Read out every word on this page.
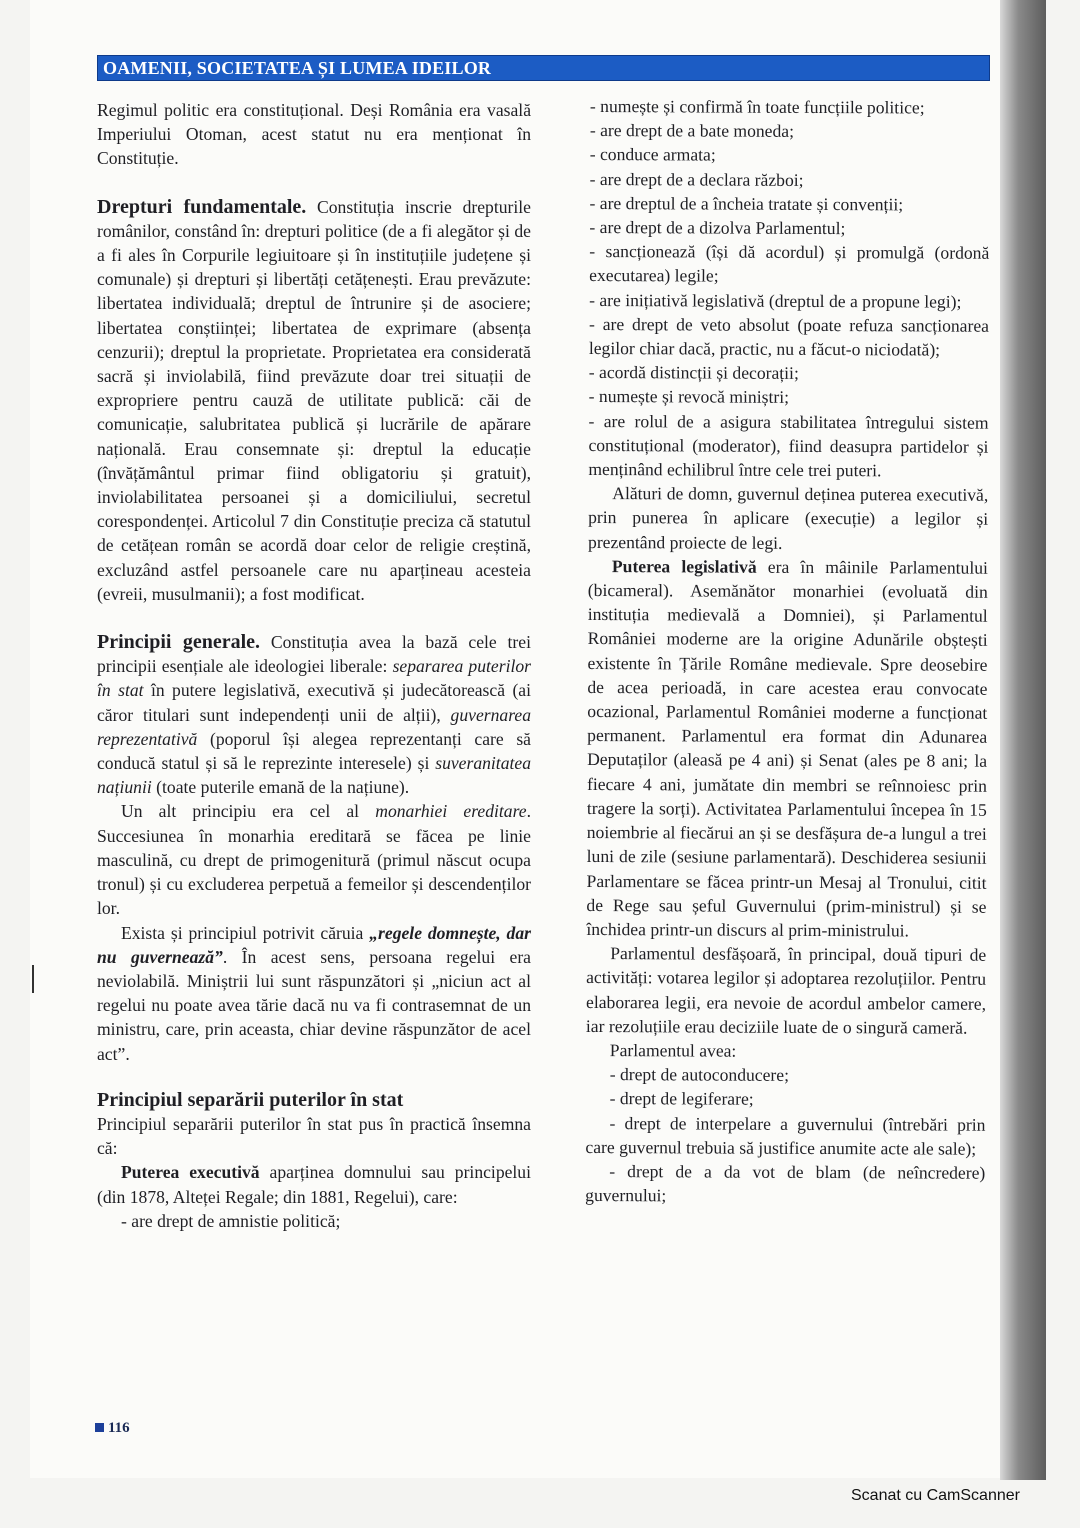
OAMENII, SOCIETATEA ȘI LUMEA IDEILOR

Regimul politic era constituțional. Deși România era vasală Imperiului Otoman, acest statut nu era menționat în Constituție.

Drepturi fundamentale. Constituția inscrie drepturile românilor, constând în: drepturi politice (de a fi alegător și de a fi ales în Corpurile legiuitoare și în instituțiile județene și comunale) și drepturi și libertăți cetățenești. Erau prevăzute: libertatea individuală; dreptul de întrunire și de asociere; libertatea conștiinței; libertatea de exprimare (absența cenzurii); dreptul la proprietate. Proprietatea era considerată sacră și inviolabilă, fiind prevăzute doar trei situații de expropriere pentru cauză de utilitate publică: căi de comunicație, salubritatea publică și lucrările de apărare națională. Erau consemnate și: dreptul la educație (învățământul primar fiind obligatoriu și gratuit), inviolabilitatea persoanei și a domiciliului, secretul corespondenței. Articolul 7 din Constituție preciza că statutul de cetățean român se acordă doar celor de religie creștină, excluzând astfel persoanele care nu aparțineau acesteia (evreii, musulmanii); a fost modificat.

Principii generale. Constituția avea la bază cele trei principii esențiale ale ideologiei liberale: separarea puterilor în stat în putere legislativă, executivă și judecătorească (ai căror titulari sunt independenți unii de alții), guvernarea reprezentativă (poporul își alegea reprezentanți care să conducă statul și să le reprezinte interesele) și suveranitatea națiunii (toate puterile emană de la națiune).

Un alt principiu era cel al monarhiei ereditare. Succesiunea în monarhia ereditară se făcea pe linie masculină, cu drept de primogenitură (primul născut ocupa tronul) și cu excluderea perpetuă a femeilor și descendenților lor.

Exista și principiul potrivit căruia „regele domnește, dar nu guvernează”. În acest sens, persoana regelui era neviolabilă. Miniștrii lui sunt răspunzători și „niciun act al regelui nu poate avea tărie dacă nu va fi contrasemnat de un ministru, care, prin aceasta, chiar devine răspunzător de acel act”.

Principiul separării puterilor în stat

Principiul separării puterilor în stat pus în practică însemna că:

Puterea executivă aparținea domnului sau principelui (din 1878, Alteței Regale; din 1881, Regelui), care:

- are drept de amnistie politică;

- numește și confirmă în toate funcțiile politice;

- are drept de a bate moneda;

- conduce armata;

- are drept de a declara război;

- are dreptul de a încheia tratate și convenții;

- are drept de a dizolva Parlamentul;

- sancționează (își dă acordul) și promulgă (ordonă executarea) legile;

- are inițiativă legislativă (dreptul de a propune legi);

- are drept de veto absolut (poate refuza sancționarea legilor chiar dacă, practic, nu a făcut-o niciodată);

- acordă distincții și decorații;

- numește și revocă miniștri;

- are rolul de a asigura stabilitatea întregului sistem constituțional (moderator), fiind deasupra partidelor și menținând echilibrul între cele trei puteri.

Alături de domn, guvernul deținea puterea executivă, prin punerea în aplicare (execuție) a legilor și prezentând proiecte de legi.

Puterea legislativă era în mâinile Parlamentului (bicameral). Asemănător monarhiei (evoluată din instituția medievală a Domniei), și Parlamentul României moderne are la origine Adunările obștești existente în Țările Române medievale. Spre deosebire de acea perioadă, in care acestea erau convocate ocazional, Parlamentul României moderne a funcționat permanent. Parlamentul era format din Adunarea Deputaților (aleasă pe 4 ani) și Senat (ales pe 8 ani; la fiecare 4 ani, jumătate din membri se reînnoiesc prin tragere la sorți). Activitatea Parlamentului începea în 15 noiembrie al fiecărui an și se desfășura de-a lungul a trei luni de zile (sesiune parlamentară). Deschiderea sesiunii Parlamentare se făcea printr-un Mesaj al Tronului, citit de Rege sau șeful Guvernului (prim-ministrul) și se închidea printr-un discurs al prim-ministrului.

Parlamentul desfășoară, în principal, două tipuri de activități: votarea legilor și adoptarea rezoluțiilor. Pentru elaborarea legii, era nevoie de acordul ambelor camere, iar rezoluțiile erau deciziile luate de o singură cameră.

Parlamentul avea:

- drept de autoconducere;

- drept de legiferare;

- drept de interpelare a guvernului (întrebări prin care guvernul trebuia să justifice anumite acte ale sale);

- drept de a da vot de blam (de neîncredere) guvernului;

116
Scanat cu CamScanner
